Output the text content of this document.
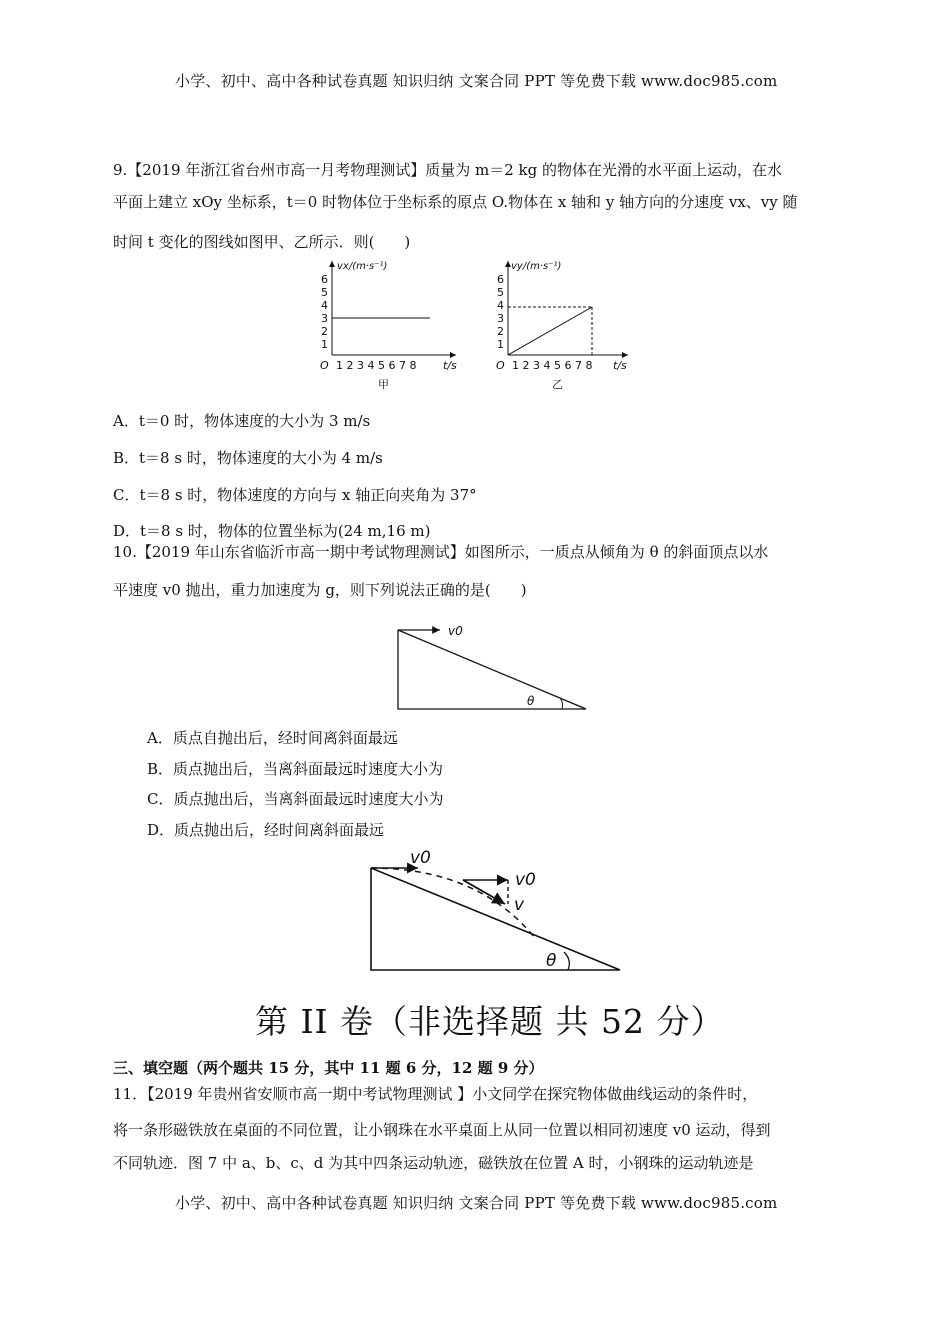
小学、初中、高中各种试卷真题 知识归纳 文案合同 PPT 等免费下载 www.doc985.com
9.【2019 年浙江省台州市高一月考物理测试】质量为 m＝2 kg 的物体在光滑的水平面上运动，在水
平面上建立 xOy 坐标系，t＝0 时物体位于坐标系的原点 O.物体在 x 轴和 y 轴方向的分速度 vx、vy 随
时间 t 变化的图线如图甲、乙所示．则(　　)
vx/(m·s⁻¹)
1
2
3
4
5
6
O 1 2 3 4 5 6 7 8 t/s
甲
vy/(m·s⁻¹)
1
2
3
4
5
6
O 1 2 3 4 5 6 7 8 t/s
乙
A．t＝0 时，物体速度的大小为 3 m/s
B．t＝8 s 时，物体速度的大小为 4 m/s
C．t＝8 s 时，物体速度的方向与 x 轴正向夹角为 37°
D．t＝8 s 时，物体的位置坐标为(24 m,16 m)
10.【2019 年山东省临沂市高一期中考试物理测试】如图所示，一质点从倾角为 θ 的斜面顶点以水
平速度 v0 抛出，重力加速度为 g，则下列说法正确的是(　　)
v0
θ
A．质点自抛出后，经时间离斜面最远
B．质点抛出后，当离斜面最远时速度大小为
C．质点抛出后，当离斜面最远时速度大小为
D．质点抛出后，经时间离斜面最远
v0
v0
v
θ
第 II 卷（非选择题 共 52 分）
三、填空题（两个题共 15 分，其中 11 题 6 分，12 题 9 分）
11．【2019 年贵州省安顺市高一期中考试物理测试 】小文同学在探究物体做曲线运动的条件时，
将一条形磁铁放在桌面的不同位置，让小钢珠在水平桌面上从同一位置以相同初速度 v0 运动，得到
不同轨迹．图 7 中 a、b、c、d 为其中四条运动轨迹，磁铁放在位置 A 时，小钢珠的运动轨迹是
小学、初中、高中各种试卷真题 知识归纳 文案合同 PPT 等免费下载 www.doc985.com
